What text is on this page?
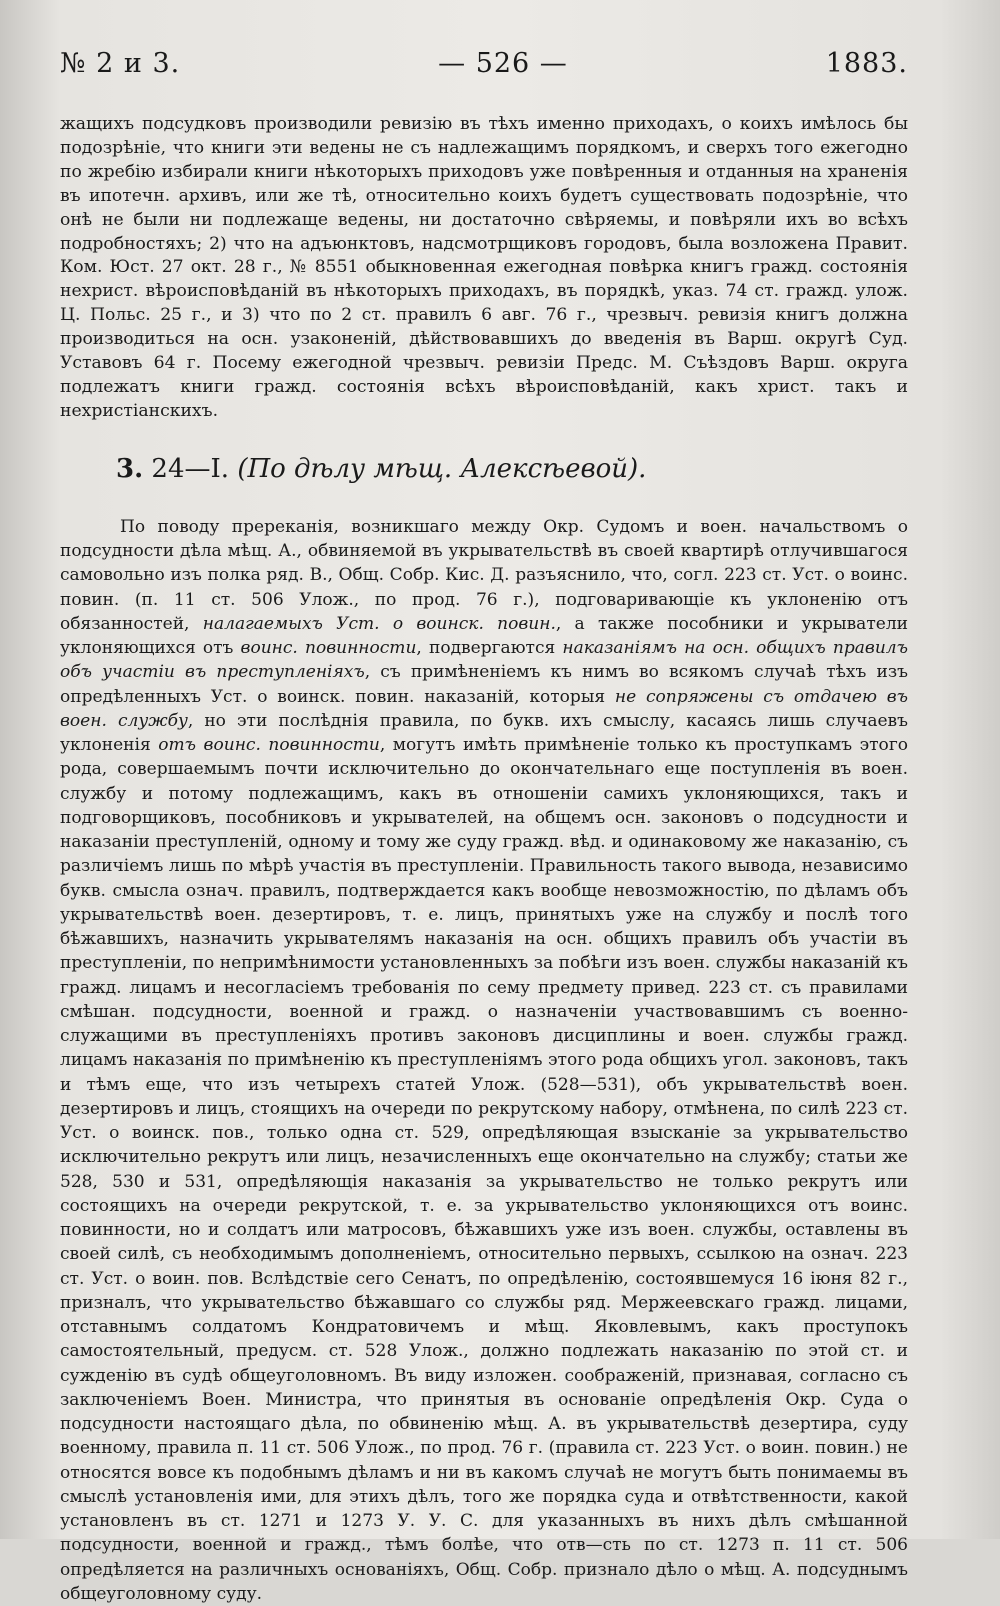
№ 2 и 3.	— 526 —	1883.

жащихъ подсудковъ производили ревизію въ тѣхъ именно приходахъ, о коихъ имѣлось бы подозрѣніе, что книги эти ведены не съ надлежащимъ порядкомъ, и сверхъ того ежегодно по жребію избирали книги нѣкоторыхъ приходовъ уже повѣренныя и отданныя на храненія въ ипотечн. архивъ, или же тѣ, относительно коихъ будетъ существовать подозрѣніе, что онѣ не были ни подлежаще ведены, ни достаточно свѣряемы, и повѣряли ихъ во всѣхъ подробностяхъ; 2) что на адъюнктовъ, надсмотрщиковъ городовъ, была возложена Правит. Ком. Юст. 27 окт. 28 г., № 8551 обыкновенная ежегодная повѣрка книгъ гражд. состоянія нехрист. вѣроисповѣданій въ нѣкоторыхъ приходахъ, въ порядкѣ, указ. 74 ст. гражд. улож. Ц. Польс. 25 г., и 3) что по 2 ст. правилъ 6 авг. 76 г., чрезвыч. ревизія книгъ должна производиться на осн. узаконеній, дѣйствовавшихъ до введенія въ Варш. округѣ Суд. Уставовъ 64 г. Посему ежегодной чрезвыч. ревизіи Предс. М. Съѣздовъ Варш. округа подлежатъ книги гражд. состоянія всѣхъ вѣроисповѣданій, какъ христ. такъ и нехристіанскихъ.

3. 24—I. (По дѣлу мѣщ. Алексѣевой).

По поводу пререканія, возникшаго между Окр. Судомъ и воен. начальствомъ о подсудности дѣла мѣщ. А., обвиняемой въ укрывательствѣ въ своей квартирѣ отлучившагося самовольно изъ полка ряд. В., Общ. Собр. Кис. Д. разъяснило, что, согл. 223 ст. Уст. о воинс. повин. (п. 11 ст. 506 Улож., по прод. 76 г.), подговаривающіе къ уклоненію отъ обязанностей, налагаемыхъ Уст. о воинск. повин., а также пособники и укрыватели уклоняющихся отъ воинс. повинности, подвергаются наказаніямъ на осн. общихъ правилъ объ участіи въ преступленіяхъ, съ примѣненіемъ къ нимъ во всякомъ случаѣ тѣхъ изъ опредѣленныхъ Уст. о воинск. повин. наказаній, которыя не сопряжены съ отдачею въ воен. службу, но эти послѣднія правила, по букв. ихъ смыслу, касаясь лишь случаевъ уклоненія отъ воинс. повинности, могутъ имѣть примѣненіе только къ проступкамъ этого рода, совершаемымъ почти исключительно до окончательнаго еще поступленія въ воен. службу и потому подлежащимъ, какъ въ отношеніи самихъ уклоняющихся, такъ и подговорщиковъ, пособниковъ и укрывателей, на общемъ осн. законовъ о подсудности и наказаніи преступленій, одному и тому же суду гражд. вѣд. и одинаковому же наказанію, съ различіемъ лишь по мѣрѣ участія въ преступленіи. Правильность такого вывода, независимо букв. смысла означ. правилъ, подтверждается какъ вообще невозможностію, по дѣламъ объ укрывательствѣ воен. дезертировъ, т. е. лицъ, принятыхъ уже на службу и послѣ того бѣжавшихъ, назначить укрывателямъ наказанія на осн. общихъ правилъ объ участіи въ преступленіи, по непримѣнимости установленныхъ за побѣги изъ воен. службы наказаній къ гражд. лицамъ и несогласіемъ требованія по сему предмету привед. 223 ст. съ правилами смѣшан. подсудности, военной и гражд. о назначеніи участвовавшимъ съ военно-служащими въ преступленіяхъ противъ законовъ дисциплины и воен. службы гражд. лицамъ наказанія по примѣненію къ преступленіямъ этого рода общихъ угол. законовъ, такъ и тѣмъ еще, что изъ четырехъ статей Улож. (528—531), объ укрывательствѣ воен. дезертировъ и лицъ, стоящихъ на очереди по рекрутскому набору, отмѣнена, по силѣ 223 ст. Уст. о воинск. пов., только одна ст. 529, опредѣляющая взысканіе за укрывательство исключительно рекрутъ или лицъ, незачисленныхъ еще окончательно на службу; статьи же 528, 530 и 531, опредѣляющія наказанія за укрывательство не только рекрутъ или состоящихъ на очереди рекрутской, т. е. за укрывательство уклоняющихся отъ воинс. повинности, но и солдатъ или матросовъ, бѣжавшихъ уже изъ воен. службы, оставлены въ своей силѣ, съ необходимымъ дополненіемъ, относительно первыхъ, ссылкою на означ. 223 ст. Уст. о воин. пов. Вслѣдствіе сего Сенатъ, по опредѣленію, состоявшемуся 16 іюня 82 г., призналъ, что укрывательство бѣжавшаго со службы ряд. Мержеевскаго гражд. лицами, отставнымъ солдатомъ Кондратовичемъ и мѣщ. Яковлевымъ, какъ проступокъ самостоятельный, предусм. ст. 528 Улож., должно подлежать наказанію по этой ст. и сужденію въ судѣ общеуголовномъ. Въ виду изложен. соображеній, признавая, согласно съ заключеніемъ Воен. Министра, что принятыя въ основаніе опредѣленія Окр. Суда о подсудности настоящаго дѣла, по обвиненію мѣщ. А. въ укрывательствѣ дезертира, суду военному, правила п. 11 ст. 506 Улож., по прод. 76 г. (правила ст. 223 Уст. о воин. повин.) не относятся вовсе къ подобнымъ дѣламъ и ни въ какомъ случаѣ не могутъ быть понимаемы въ смыслѣ установленія ими, для этихъ дѣлъ, того же порядка суда и отвѣтственности, какой установленъ въ ст. 1271 и 1273 У. У. С. для указанныхъ въ нихъ дѣлъ смѣшанной подсудности, военной и гражд., тѣмъ болѣе, что отв—сть по ст. 1273 п. 11 ст. 506 опредѣляется на различныхъ основаніяхъ, Общ. Собр. признало дѣло о мѣщ. А. подсуднымъ общеуголовному суду.
